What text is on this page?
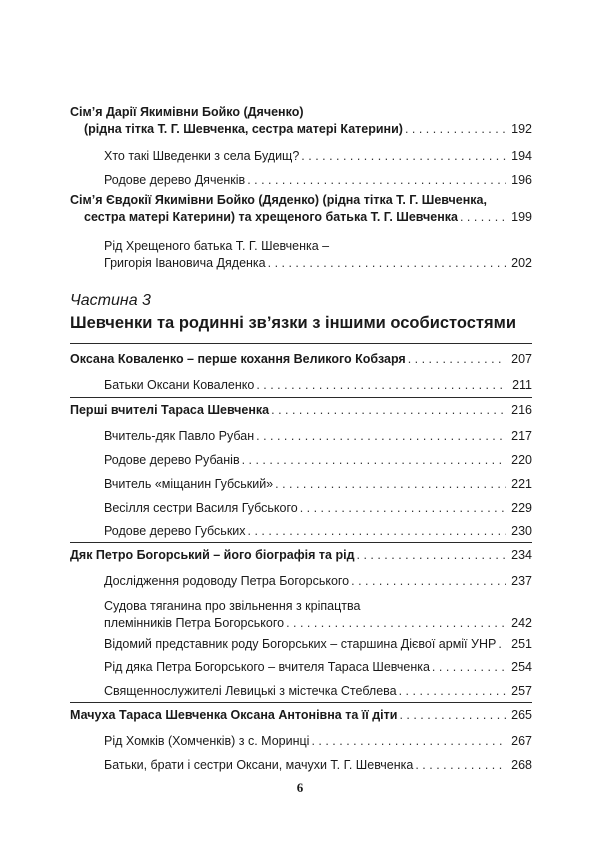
Сім’я Дарії Якимівни Бойко (Дяченко)
(рідна тітка Т. Г. Шевченка, сестра матері Катерини) . . .	192
Хто такі Шведенки з села Будищ? . . .	194
Родове дерево Дяченків . . .	196
Сім’я Євдокії Якимівни Бойко (Дяденко) (рідна тітка Т. Г. Шевченка,
сестра матері Катерини) та хрещеного батька Т. Г. Шевченка . . .	199
Рід Хрещеного батька Т. Г. Шевченка –
Григорія Івановича Дяденка . . .	202
Частина 3
Шевченки та родинні зв’язки з іншими особистостями
Оксана Коваленко – перше кохання Великого Кобзаря . . .	207
Батьки Оксани Коваленко . . .	211
Перші вчителі Тараса Шевченка . . .	216
Вчитель-дяк Павло Рубан . . .	217
Родове дерево Рубанів . . .	220
Вчитель «міщанин Губський» . . .	221
Весілля сестри Василя Губського . . .	229
Родове дерево Губських . . .	230
Дяк Петро Богорський – його біографія та рід . . .	234
Дослідження родоводу Петра Богорського . . .	237
Судова тяганина про звільнення з кріпацтва
племінників Петра Богорського . . .	242
Відомий представник роду Богорських – старшина Дієвої армії УНР . . . 251
Рід дяка Петра Богорського – вчителя Тараса Шевченка . . .	254
Священнослужителі Левицькі з містечка Стеблева . . .	257
Мачуха Тараса Шевченка Оксана Антонівна та її діти . . .	265
Рід Хомків (Хомченків) з с. Моринці . . .	267
Батьки, брати і сестри Оксани, мачухи Т. Г. Шевченка . . .	268
6
